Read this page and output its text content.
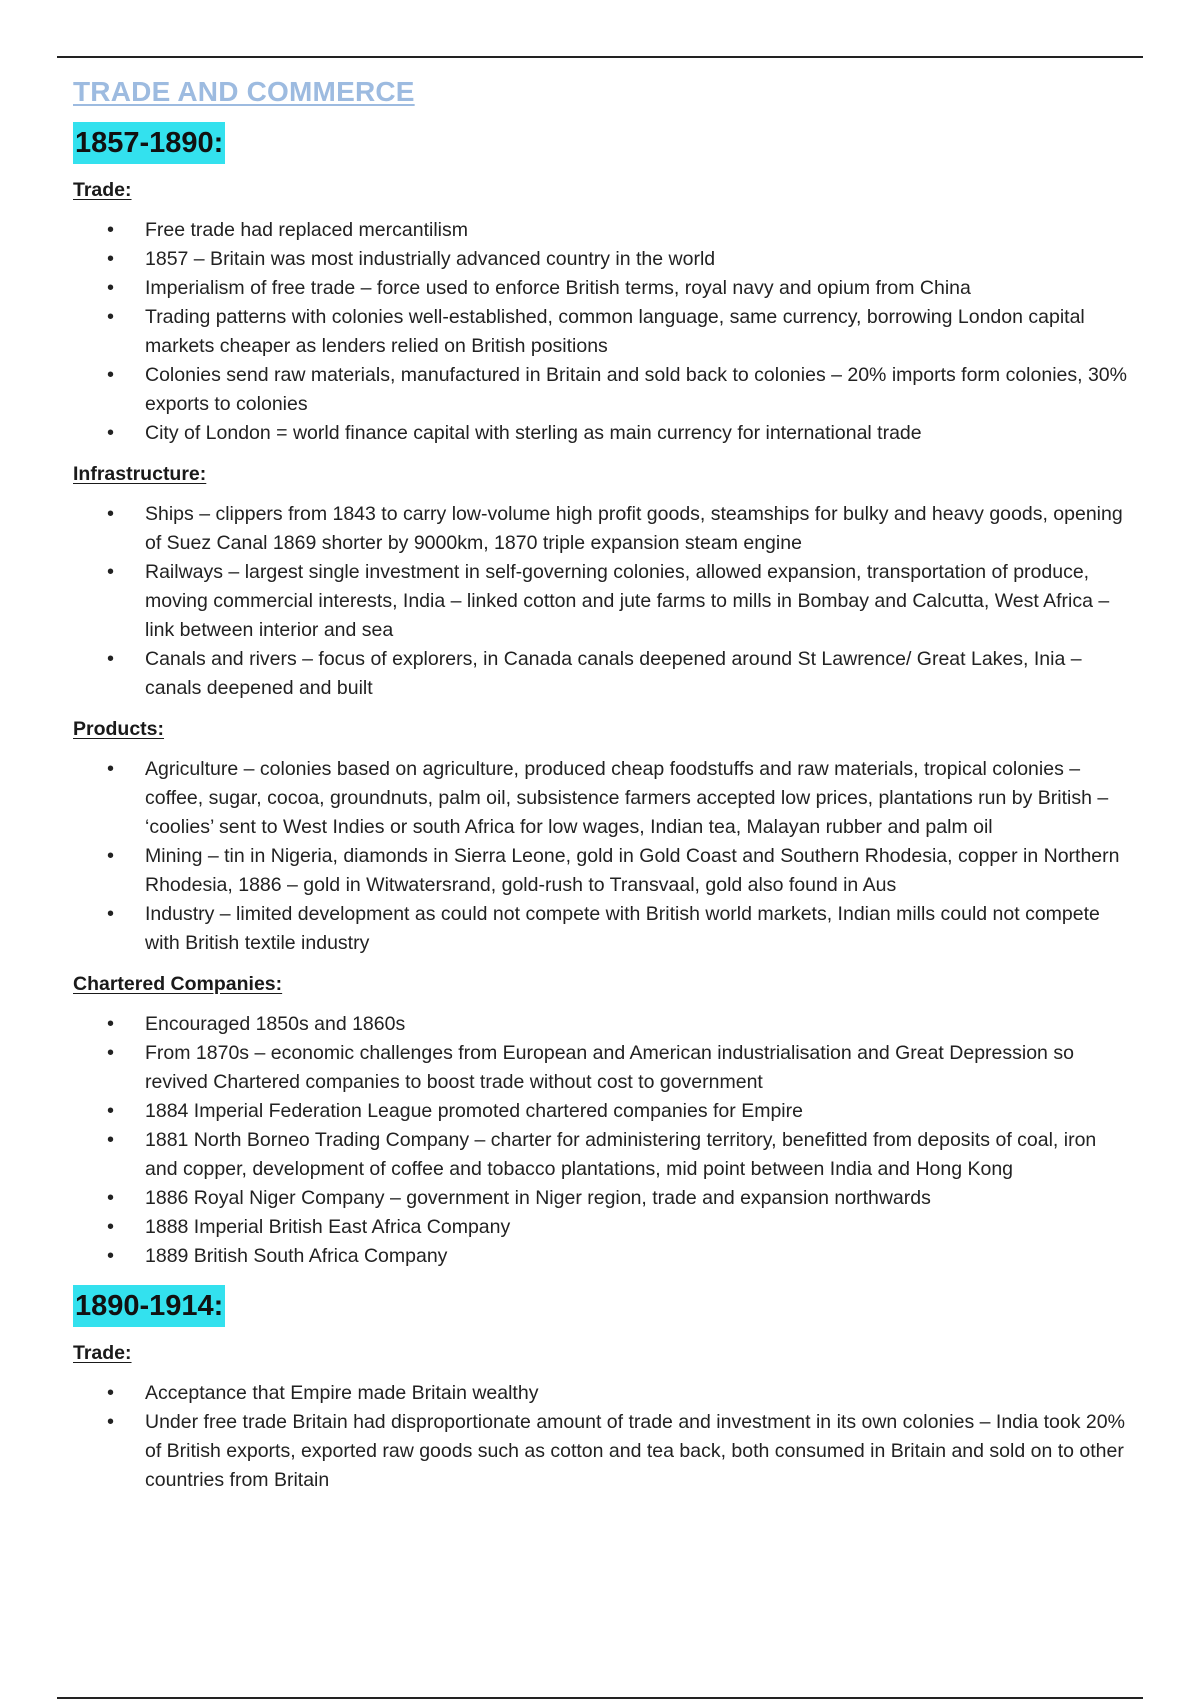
TRADE AND COMMERCE
1857-1890:
Trade:
• Free trade had replaced mercantilism
• 1857 – Britain was most industrially advanced country in the world
• Imperialism of free trade – force used to enforce British terms, royal navy and opium from China
• Trading patterns with colonies well-established, common language, same currency, borrowing London capital markets cheaper as lenders relied on British positions
• Colonies send raw materials, manufactured in Britain and sold back to colonies – 20% imports form colonies, 30% exports to colonies
• City of London = world finance capital with sterling as main currency for international trade
Infrastructure:
• Ships – clippers from 1843 to carry low-volume high profit goods, steamships for bulky and heavy goods, opening of Suez Canal 1869 shorter by 9000km, 1870 triple expansion steam engine
• Railways – largest single investment in self-governing colonies, allowed expansion, transportation of produce, moving commercial interests, India – linked cotton and jute farms to mills in Bombay and Calcutta, West Africa – link between interior and sea
• Canals and rivers – focus of explorers, in Canada canals deepened around St Lawrence/ Great Lakes, Inia – canals deepened and built
Products:
• Agriculture – colonies based on agriculture, produced cheap foodstuffs and raw materials, tropical colonies – coffee, sugar, cocoa, groundnuts, palm oil, subsistence farmers accepted low prices, plantations run by British – ‘coolies’ sent to West Indies or south Africa for low wages, Indian tea, Malayan rubber and palm oil
• Mining – tin in Nigeria, diamonds in Sierra Leone, gold in Gold Coast and Southern Rhodesia, copper in Northern Rhodesia, 1886 – gold in Witwatersrand, gold-rush to Transvaal, gold also found in Aus
• Industry – limited development as could not compete with British world markets, Indian mills could not compete with British textile industry
Chartered Companies:
• Encouraged 1850s and 1860s
• From 1870s – economic challenges from European and American industrialisation and Great Depression so revived Chartered companies to boost trade without cost to government
• 1884 Imperial Federation League promoted chartered companies for Empire
• 1881 North Borneo Trading Company – charter for administering territory, benefitted from deposits of coal, iron and copper, development of coffee and tobacco plantations, mid point between India and Hong Kong
• 1886 Royal Niger Company – government in Niger region, trade and expansion northwards
• 1888 Imperial British East Africa Company
• 1889 British South Africa Company
1890-1914:
Trade:
• Acceptance that Empire made Britain wealthy
• Under free trade Britain had disproportionate amount of trade and investment in its own colonies – India took 20% of British exports, exported raw goods such as cotton and tea back, both consumed in Britain and sold on to other countries from Britain
